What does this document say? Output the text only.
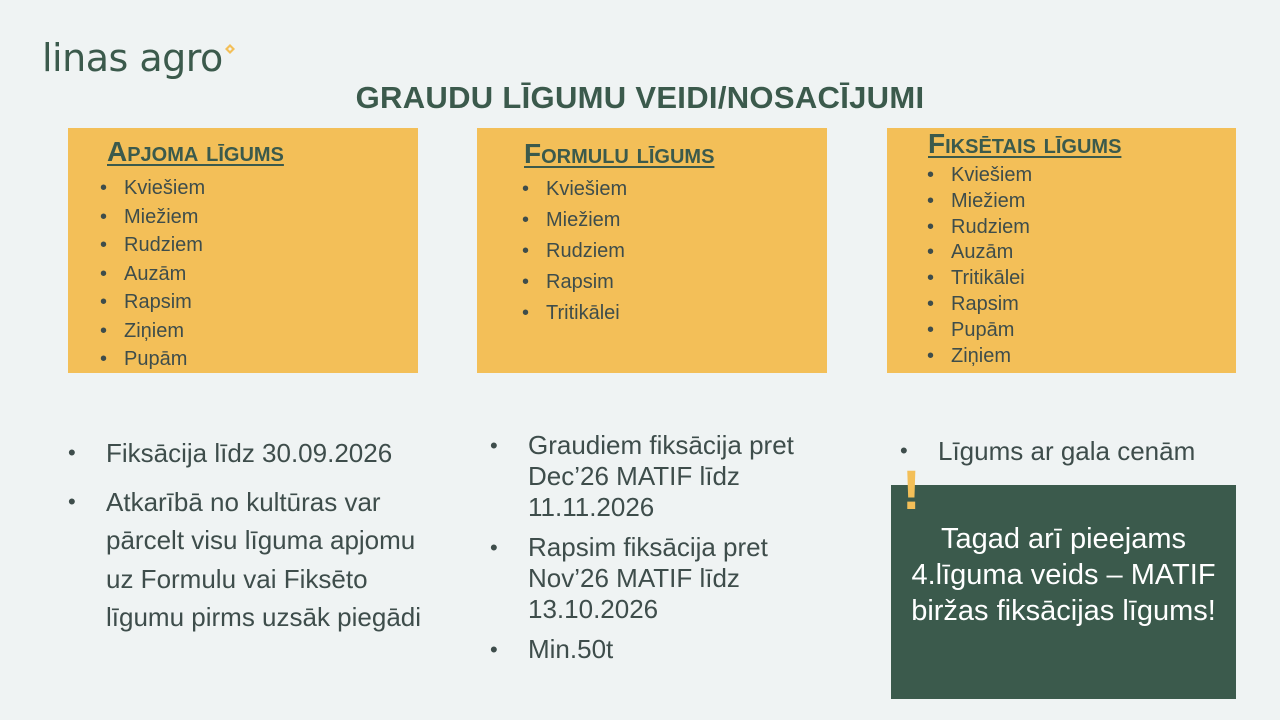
linas agro
GRAUDU LĪGUMU VEIDI/NOSACĪJUMI
Apjoma līgums
• Kviešiem
• Miežiem
• Rudziem
• Auzām
• Rapsim
• Ziņiem
• Pupām
Formulu līgums
• Kviešiem
• Miežiem
• Rudziem
• Rapsim
• Tritikālei
Fiksētais līgums
• Kviešiem
• Miežiem
• Rudziem
• Auzām
• Tritikālei
• Rapsim
• Pupām
• Ziņiem
• Fiksācija līdz 30.09.2026
• Atkarībā no kultūras var pārcelt visu līguma apjomu uz Formulu vai Fiksēto līgumu pirms uzsāk piegādi
• Graudiem fiksācija pret Dec’26 MATIF līdz 11.11.2026
• Rapsim fiksācija pret Nov’26 MATIF līdz 13.10.2026
• Min.50t
• Līgums ar gala cenām
Tagad arī pieejams 4.līguma veids – MATIF biržas fiksācijas līgums!
!
